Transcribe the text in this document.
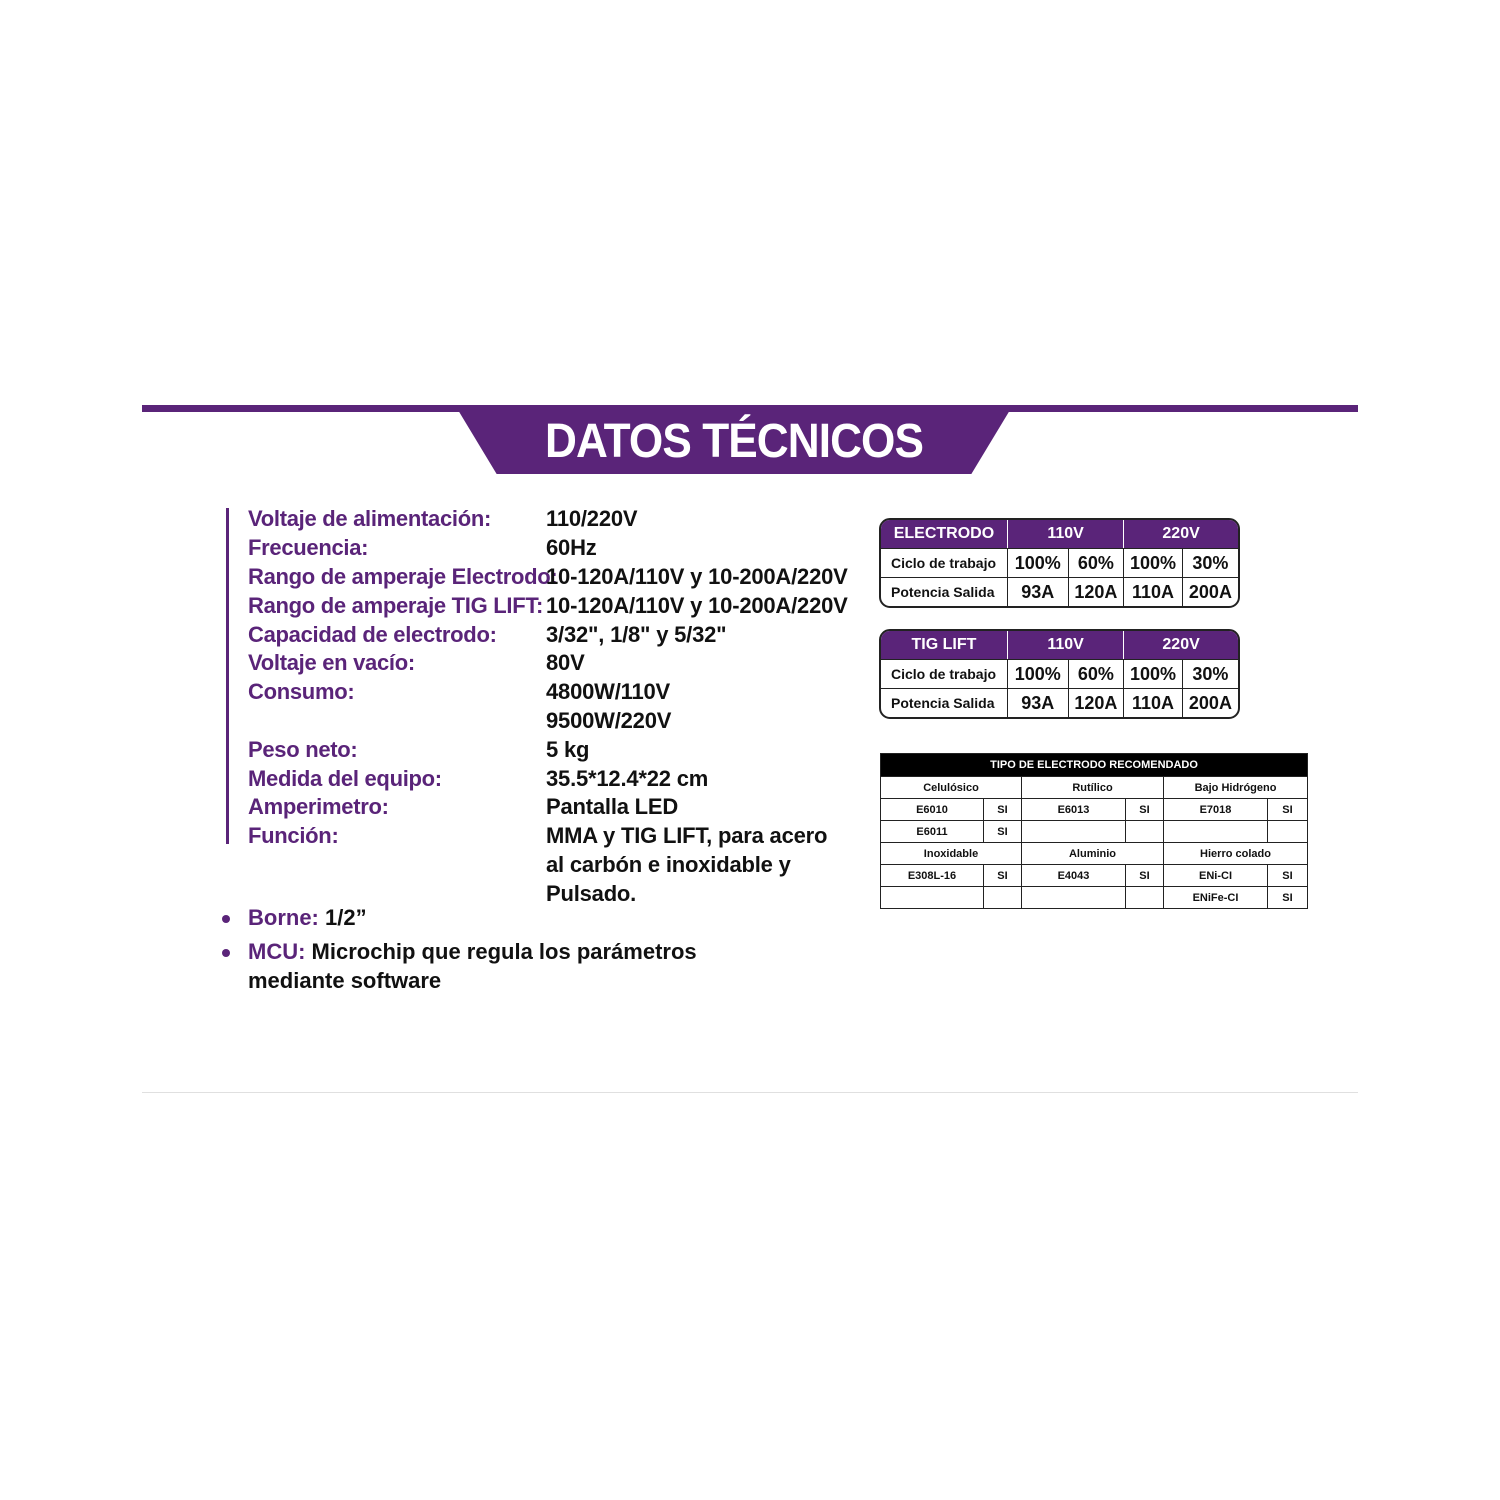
DATOS TÉCNICOS
Voltaje de alimentación: 110/220V
Frecuencia:	60Hz
Rango de amperaje Electrodo:
10-120A/110V y 10-200A/220V
Rango de amperaje TIG LIFT: 10-120A/110V y 10-200A/220V
Capacidad de electrodo: 3/32", 1/8" y 5/32"
Voltaje en vacío:	80V
Consumo:	4800W/110V
9500W/220V
Peso neto:	5 kg
Medida del equipo:	35.5*12.4*22 cm
Amperimetro:	Pantalla LED
Función:	MMA y TIG LIFT, para acero
al carbón e inoxidable y
Pulsado.
Borne: 1/2”
MCU: Microchip que regula los parámetros
mediante software
ELECTRODO	110V		220V	
Ciclo de trabajo	100%	60%	100%	30%
Potencia Salida	93A	120A	110A	200A
TIG LIFT	110V		220V	
Ciclo de trabajo	100%	60%	100%	30%
Potencia Salida	93A	120A	110A	200A
TIPO DE ELECTRODO RECOMENDADO					
Celulósico		Rutílico		Bajo Hidrógeno	
E6010	SI	E6013	SI	E7018	SI
E6011	SI				
Inoxidable		Aluminio		Hierro colado	
E308L-16	SI	E4043	SI	ENi-CI	SI
				ENiFe-CI	SI
